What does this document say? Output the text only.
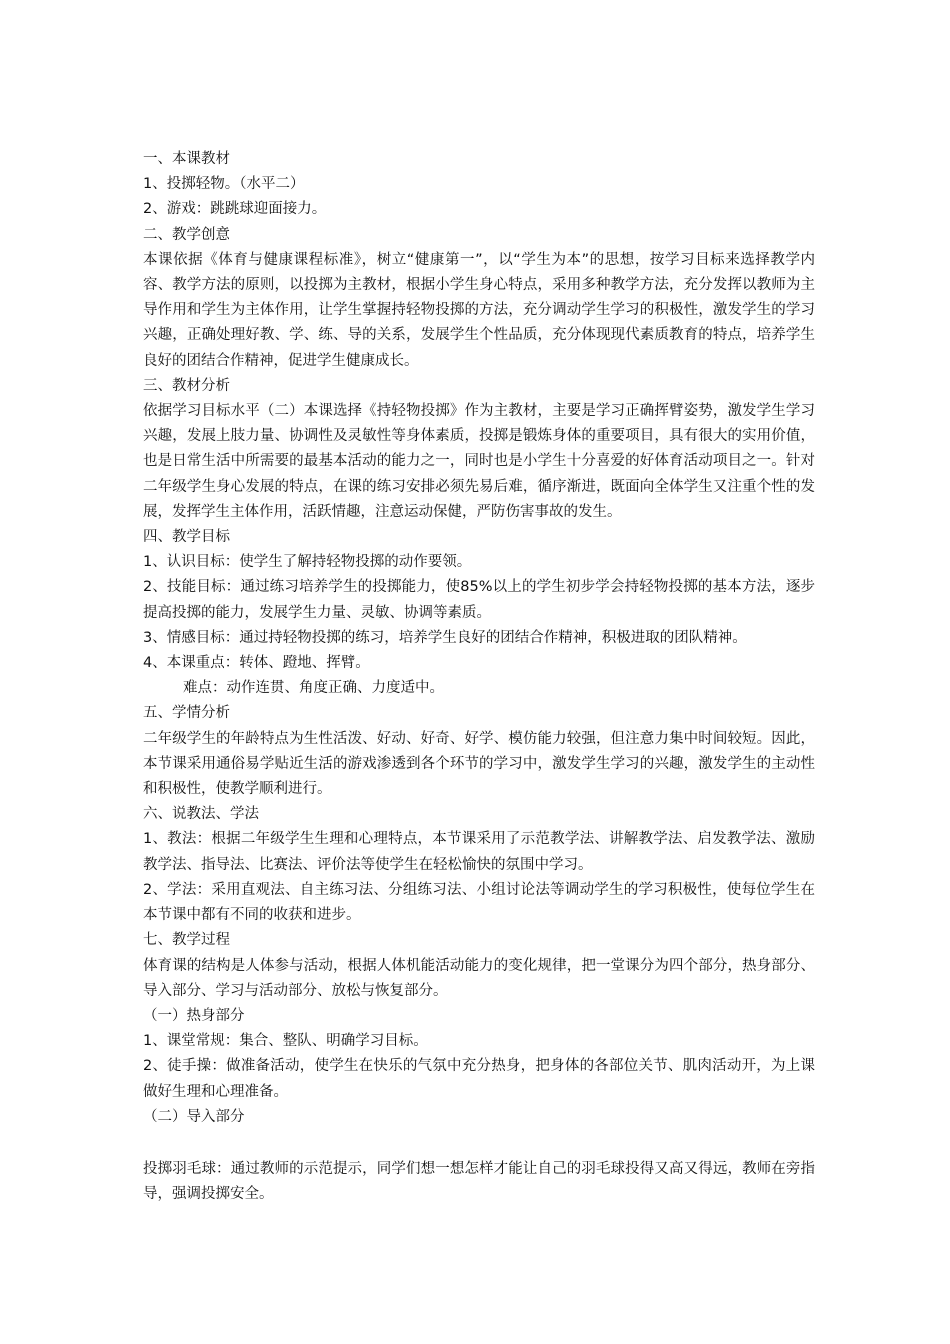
一、本课教材

1、投掷轻物。（水平二）

2、游戏：跳跳球迎面接力。

二、教学创意

本课依据《体育与健康课程标准》，树立“健康第一”，以“学生为本”的思想，按学习目标来选择教学内容、教学方法的原则，以投掷为主教材，根据小学生身心特点，采用多种教学方法，充分发挥以教师为主导作用和学生为主体作用，让学生掌握持轻物投掷的方法，充分调动学生学习的积极性，激发学生的学习兴趣，正确处理好教、学、练、导的关系，发展学生个性品质，充分体现现代素质教育的特点，培养学生良好的团结合作精神，促进学生健康成长。

三、教材分析

依据学习目标水平（二）本课选择《持轻物投掷》作为主教材，主要是学习正确挥臂姿势，激发学生学习兴趣，发展上肢力量、协调性及灵敏性等身体素质，投掷是锻炼身体的重要项目，具有很大的实用价值，也是日常生活中所需要的最基本活动的能力之一，同时也是小学生十分喜爱的好体育活动项目之一。针对二年级学生身心发展的特点，在课的练习安排必须先易后难，循序渐进，既面向全体学生又注重个性的发展，发挥学生主体作用，活跃情趣，注意运动保健，严防伤害事故的发生。

四、教学目标

1、认识目标：使学生了解持轻物投掷的动作要领。

2、技能目标：通过练习培养学生的投掷能力，使85%以上的学生初步学会持轻物投掷的基本方法，逐步提高投掷的能力，发展学生力量、灵敏、协调等素质。

3、情感目标：通过持轻物投掷的练习，培养学生良好的团结合作精神，积极进取的团队精神。

4、本课重点：转体、蹬地、挥臂。

难点：动作连贯、角度正确、力度适中。

五、学情分析

二年级学生的年龄特点为生性活泼、好动、好奇、好学、模仿能力较强，但注意力集中时间较短。因此，本节课采用通俗易学贴近生活的游戏渗透到各个环节的学习中，激发学生学习的兴趣，激发学生的主动性和积极性，使教学顺利进行。

六、说教法、学法

1、教法：根据二年级学生生理和心理特点，本节课采用了示范教学法、讲解教学法、启发教学法、激励教学法、指导法、比赛法、评价法等使学生在轻松愉快的氛围中学习。

2、学法：采用直观法、自主练习法、分组练习法、小组讨论法等调动学生的学习积极性，使每位学生在本节课中都有不同的收获和进步。

七、教学过程

体育课的结构是人体参与活动，根据人体机能活动能力的变化规律，把一堂课分为四个部分，热身部分、导入部分、学习与活动部分、放松与恢复部分。

（一）热身部分

1、课堂常规：集合、整队、明确学习目标。

2、徒手操：做准备活动，使学生在快乐的气氛中充分热身，把身体的各部位关节、肌肉活动开，为上课做好生理和心理准备。

（二）导入部分

投掷羽毛球：通过教师的示范提示，同学们想一想怎样才能让自己的羽毛球投得又高又得远，教师在旁指导，强调投掷安全。
